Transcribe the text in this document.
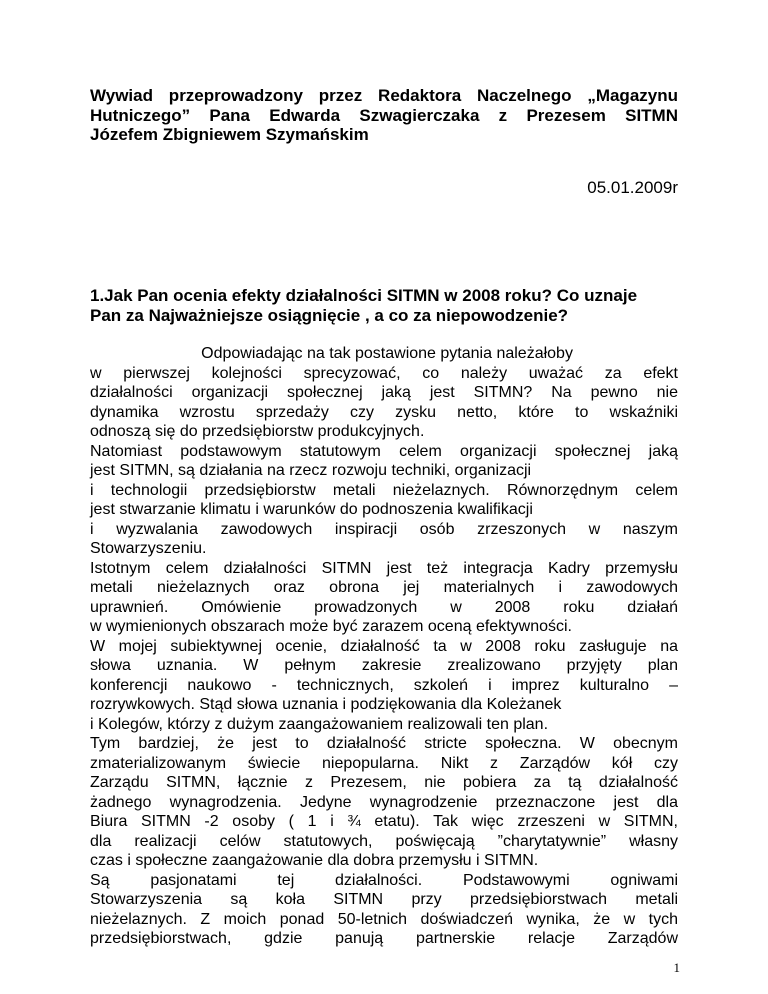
Wywiad przeprowadzony przez Redaktora Naczelnego „Magazynu
Hutniczego” Pana Edwarda Szwagierczaka z Prezesem SITMN
Józefem Zbigniewem Szymańskim
05.01.2009r
1.Jak Pan ocenia efekty działalności SITMN w 2008 roku? Co uznaje
Pan za Najważniejsze osiągnięcie , a co za niepowodzenie?
Odpowiadając na tak postawione pytania należałoby
w pierwszej kolejności sprecyzować, co należy uważać za efekt
działalności organizacji społecznej jaką jest SITMN? Na pewno nie
dynamika wzrostu sprzedaży czy zysku netto, które to wskaźniki
odnoszą się do przedsiębiorstw produkcyjnych.
Natomiast podstawowym statutowym celem organizacji społecznej jaką
jest SITMN, są działania na rzecz rozwoju techniki, organizacji
i technologii przedsiębiorstw metali nieżelaznych. Równorzędnym celem
jest stwarzanie klimatu i warunków do podnoszenia kwalifikacji
i wyzwalania zawodowych inspiracji osób zrzeszonych w naszym
Stowarzyszeniu.
Istotnym celem działalności SITMN jest też integracja Kadry przemysłu
metali nieżelaznych oraz obrona jej materialnych i zawodowych
uprawnień. Omówienie prowadzonych w 2008 roku działań
w wymienionych obszarach może być zarazem oceną efektywności.
W mojej subiektywnej ocenie, działalność ta w 2008 roku zasługuje na
słowa uznania. W pełnym zakresie zrealizowano przyjęty plan
konferencji naukowo - technicznych, szkoleń i imprez kulturalno –
rozrywkowych. Stąd słowa uznania i podziękowania dla Koleżanek
i Kolegów, którzy z dużym zaangażowaniem realizowali ten plan.
Tym bardziej, że jest to działalność stricte społeczna. W obecnym
zmaterializowanym świecie niepopularna. Nikt z Zarządów kół czy
Zarządu SITMN, łącznie z Prezesem, nie pobiera za tą działalność
żadnego wynagrodzenia. Jedyne wynagrodzenie przeznaczone jest dla
Biura SITMN -2 osoby ( 1 i ¾ etatu). Tak więc zrzeszeni w SITMN,
dla realizacji celów statutowych, poświęcają ”charytatywnie” własny
czas i społeczne zaangażowanie dla dobra przemysłu i SITMN.
Są pasjonatami tej działalności. Podstawowymi ogniwami
Stowarzyszenia są koła SITMN przy przedsiębiorstwach metali
nieżelaznych. Z moich ponad 50-letnich doświadczeń wynika, że w tych
przedsiębiorstwach, gdzie panują partnerskie relacje Zarządów
1
